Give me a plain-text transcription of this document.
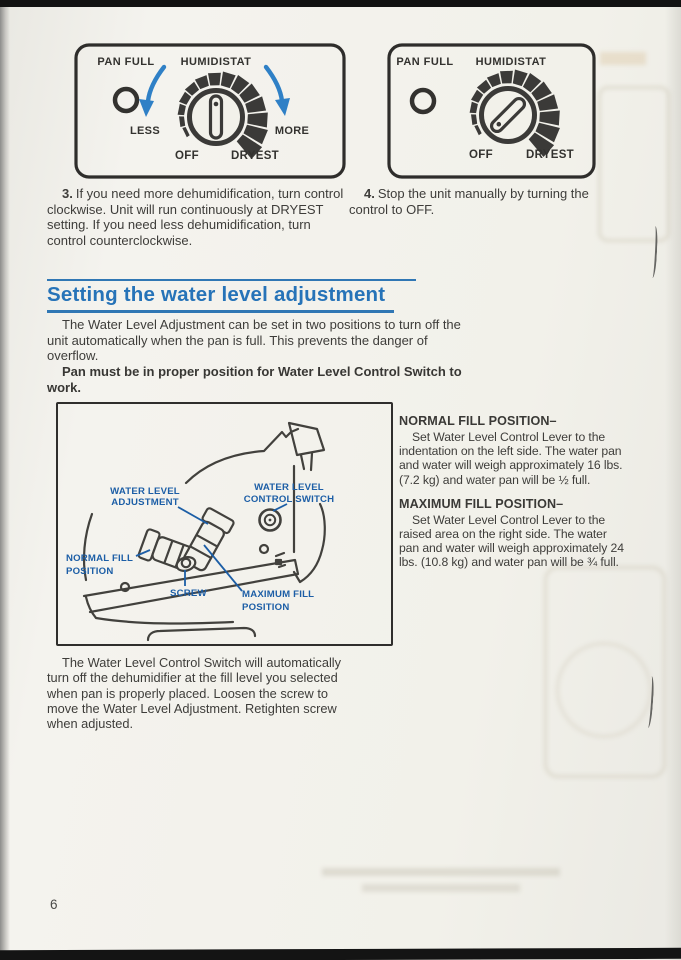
PAN FULL HUMIDISTAT
LESS	MORE
OFF	DRYEST
PAN FULL HUMIDISTAT
OFF	DRYEST

3. If you need more dehumidification, turn control clockwise. Unit will run continuously at DRYEST setting. If you need less dehumidification, turn control counterclockwise.

4. Stop the unit manually by turning the control to OFF.

Setting the water level adjustment

The Water Level Adjustment can be set in two positions to turn off the unit automatically when the pan is full. This prevents the danger of overflow.

Pan must be in proper position for Water Level Control Switch to work.

WATER LEVEL
ADJUSTMENT
WATER LEVEL
CONTROL SWITCH
NORMAL FILL
POSITION
SCREW	MAXIMUM FILL
POSITION
NORMAL FILL POSITION–

Set Water Level Control Lever to the indentation on the left side. The water pan and water will weigh approximately 16 lbs. (7.2 kg) and water pan will be ½ full.

MAXIMUM FILL POSITION–

Set Water Level Control Lever to the raised area on the right side. The water pan and water will weigh approximately 24 lbs. (10.8 kg) and water pan will be ¾ full.

The Water Level Control Switch will automatically turn off the dehumidifier at the fill level you selected when pan is properly placed. Loosen the screw to move the Water Level Adjustment. Retighten screw when adjusted.

6
